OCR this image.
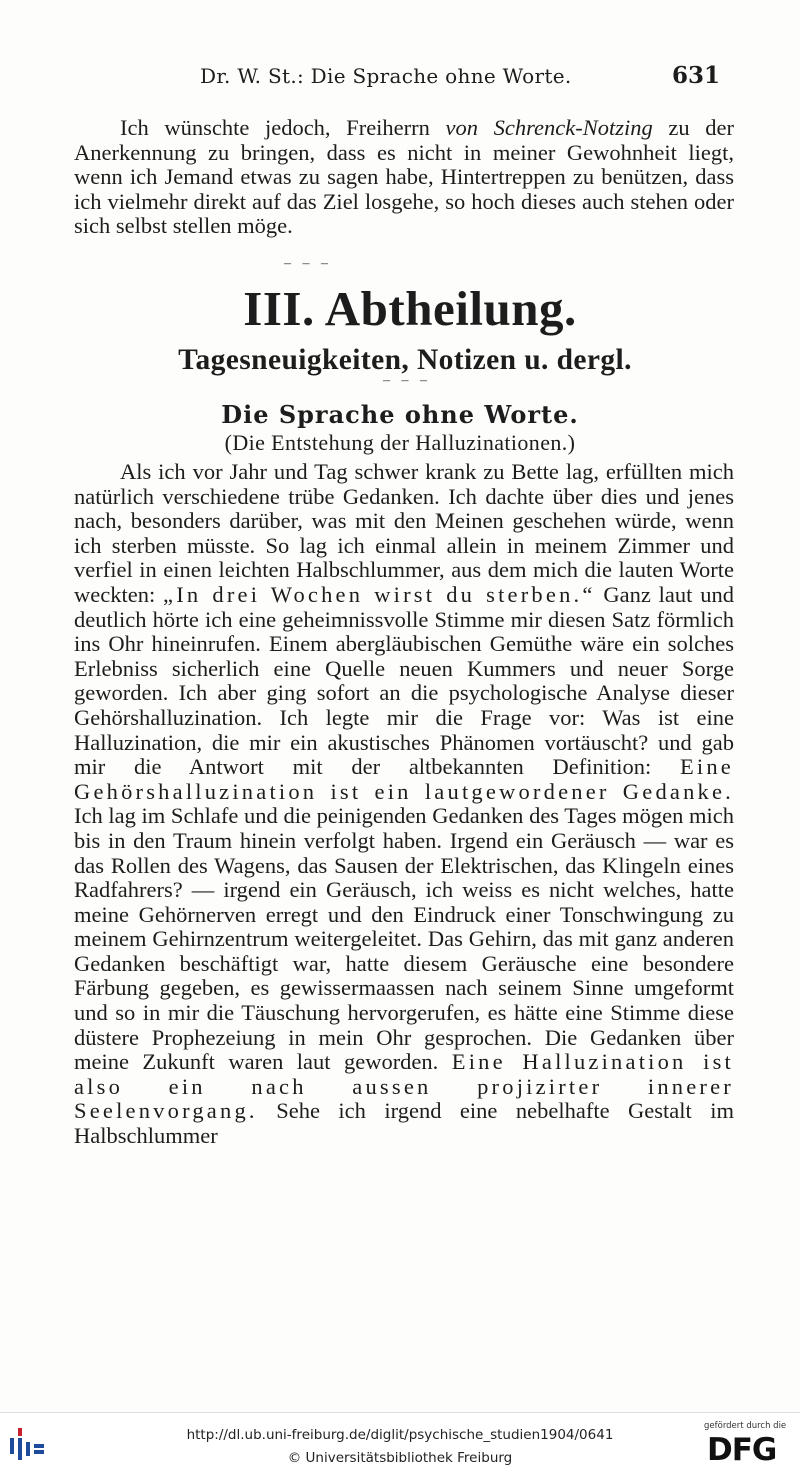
Dr. W. St.: Die Sprache ohne Worte.	631
Ich wünschte jedoch, Freiherrn von Schrenck-Notzing zu der Anerkennung zu bringen, dass es nicht in meiner Gewohnheit liegt, wenn ich Jemand etwas zu sagen habe, Hintertreppen zu benützen, dass ich vielmehr direkt auf das Ziel losgehe, so hoch dieses auch stehen oder sich selbst stellen möge.
– – –
III. Abtheilung.
Tagesneuigkeiten, Notizen u. dergl.
– – –
Die Sprache ohne Worte.
(Die Entstehung der Halluzinationen.)
Als ich vor Jahr und Tag schwer krank zu Bette lag, erfüllten mich natürlich verschiedene trübe Gedanken. Ich dachte über dies und jenes nach, besonders darüber, was mit den Meinen geschehen würde, wenn ich sterben müsste. So lag ich einmal allein in meinem Zimmer und verfiel in einen leichten Halbschlummer, aus dem mich die lauten Worte weckten: „In drei Wochen wirst du sterben.“ Ganz laut und deutlich hörte ich eine geheimnissvolle Stimme mir diesen Satz förmlich ins Ohr hineinrufen. Einem abergläubischen Gemüthe wäre ein solches Erlebniss sicherlich eine Quelle neuen Kummers und neuer Sorge geworden. Ich aber ging sofort an die psychologische Analyse dieser Gehörshalluzination. Ich legte mir die Frage vor: Was ist eine Halluzination, die mir ein akustisches Phänomen vortäuscht? und gab mir die Antwort mit der altbekannten Definition: Eine Gehörshalluzination ist ein lautgewordener Gedanke. Ich lag im Schlafe und die peinigenden Gedanken des Tages mögen mich bis in den Traum hinein verfolgt haben. Irgend ein Geräusch — war es das Rollen des Wagens, das Sausen der Elektrischen, das Klingeln eines Radfahrers? — irgend ein Geräusch, ich weiss es nicht welches, hatte meine Gehörnerven erregt und den Eindruck einer Tonschwingung zu meinem Gehirnzentrum weitergeleitet. Das Gehirn, das mit ganz anderen Gedanken beschäftigt war, hatte diesem Geräusche eine besondere Färbung gegeben, es gewissermaassen nach seinem Sinne umgeformt und so in mir die Täuschung hervorgerufen, es hätte eine Stimme diese düstere Prophezeiung in mein Ohr gesprochen. Die Gedanken über meine Zukunft waren laut geworden. Eine Halluzination ist also ein nach aussen projizirter innerer Seelenvorgang. Sehe ich irgend eine nebelhafte Gestalt im Halbschlummer
http://dl.ub.uni-freiburg.de/diglit/psychische_studien1904/0641
© Universitätsbibliothek Freiburg
gefördert durch die
DFG
